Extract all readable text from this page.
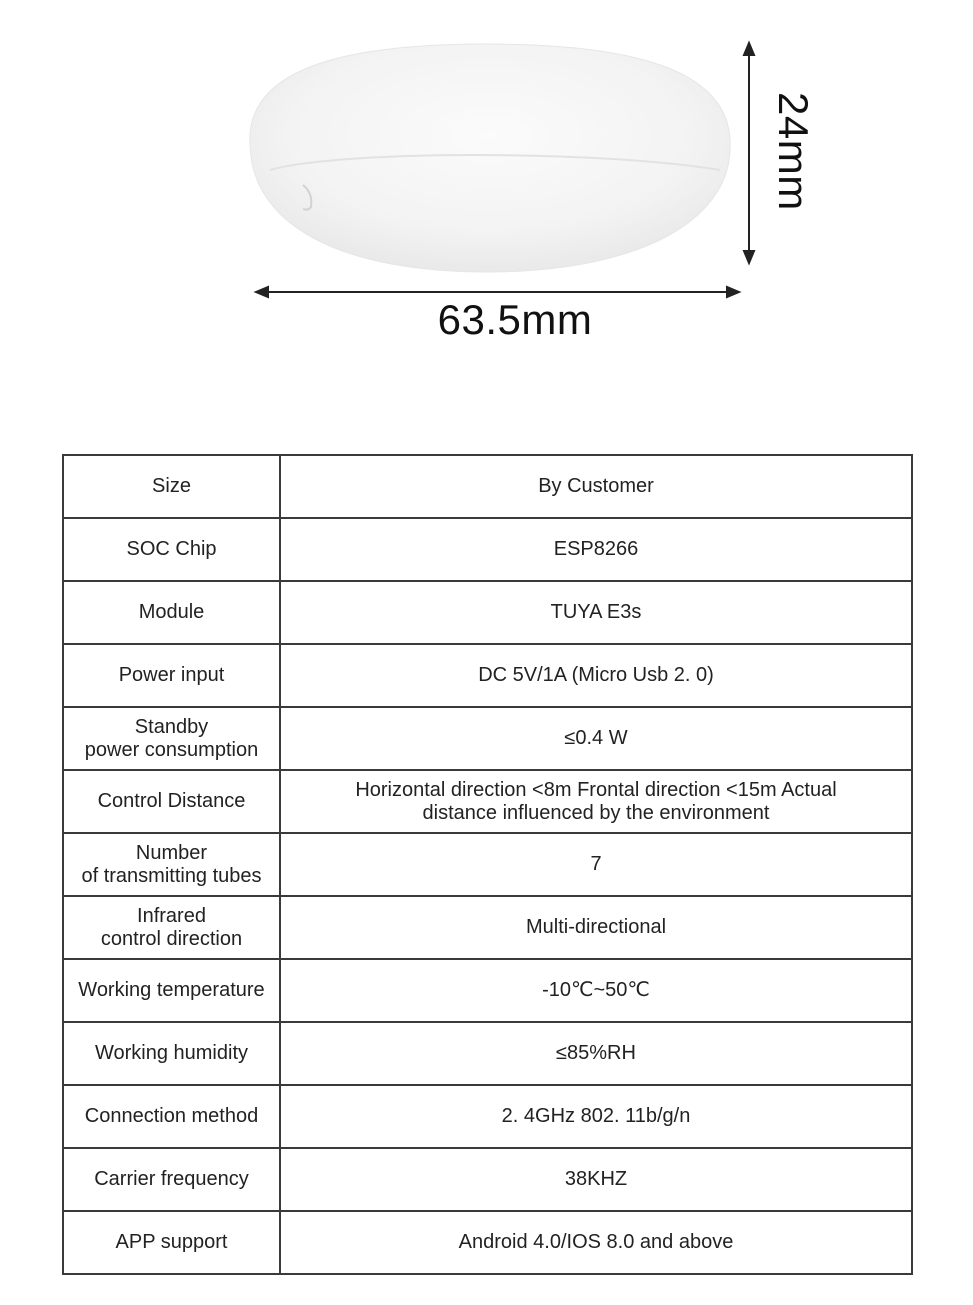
63.5mm
24mm
Size	By Customer

SOC Chip	ESP8266

Module	TUYA E3s

Power input	DC 5V/1A (Micro Usb 2. 0)

Standby
power consumption	≤0.4 W

Control Distance	Horizontal direction <8m Frontal direction <15m Actual
distance influenced by the environment

Number
of transmitting tubes	7

Infrared
control direction	Multi-directional

Working temperature	-10℃~50℃

Working humidity	≤85%RH

Connection method	2. 4GHz 802. 11b/g/n

Carrier frequency	38KHZ

APP support	Android 4.0/IOS 8.0 and above
